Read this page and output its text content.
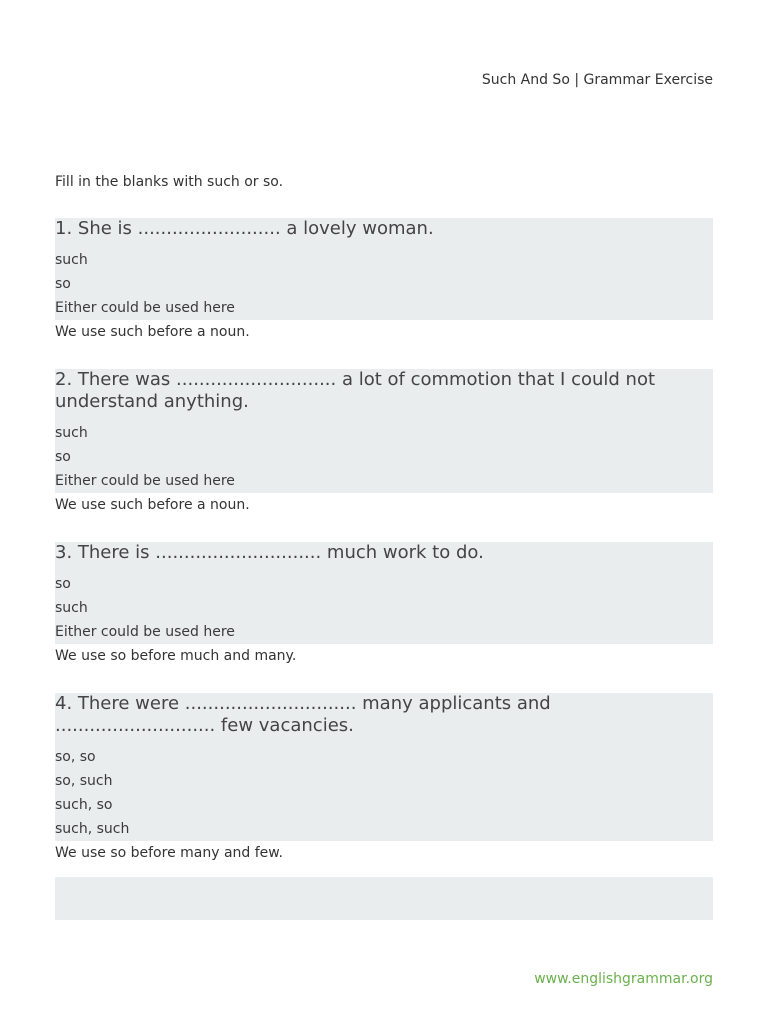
Such And So | Grammar Exercise
Fill in the blanks with such or so.
1. She is ......................... a lovely woman.
such
so
Either could be used here
We use such before a noun.
2. There was ............................ a lot of commotion that I could not understand anything.
such
so
Either could be used here
We use such before a noun.
3. There is ............................. much work to do.
so
such
Either could be used here
We use so before much and many.
4. There were .............................. many applicants and ............................ few vacancies.
so, so
so, such
such, so
such, such
We use so before many and few.
www.englishgrammar.org
